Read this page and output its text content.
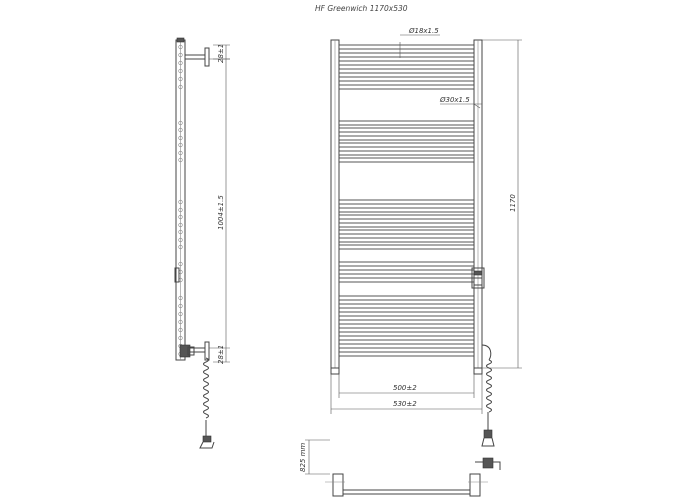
HF Greenwich 1170x530
28±1
1004±1.5
28±1
Ø18x1.5
Ø30x1.5
1170
500±2
530±2
825 mm
